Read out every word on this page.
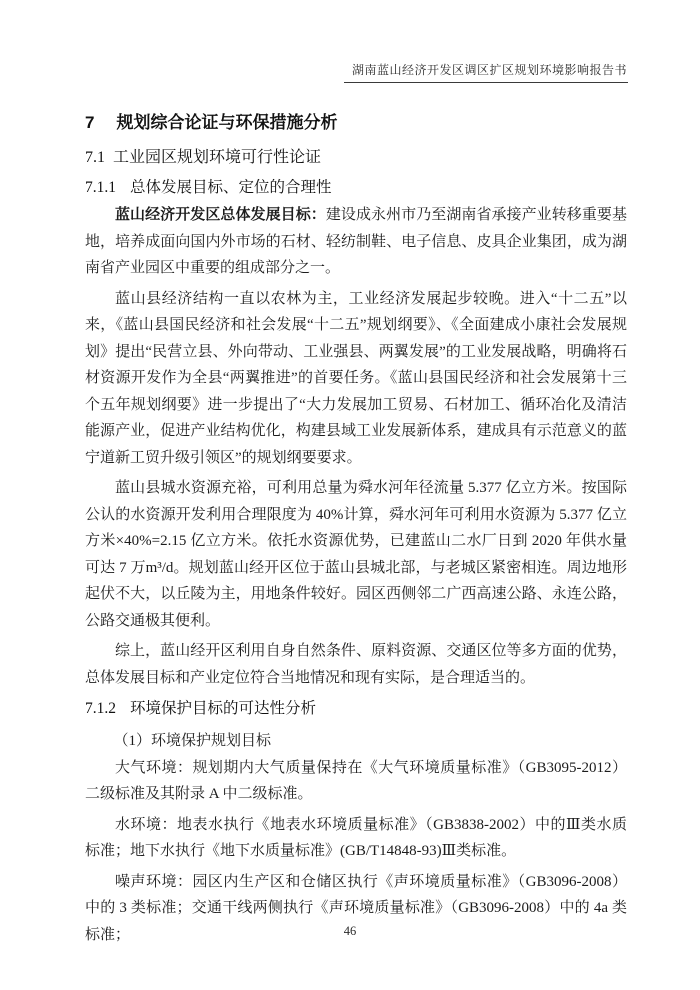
湖南蓝山经济开发区调区扩区规划环境影响报告书
7 规划综合论证与环保措施分析
7.1 工业园区规划环境可行性论证
7.1.1 总体发展目标、定位的合理性

蓝山经济开发区总体发展目标：建设成永州市乃至湖南省承接产业转移重要基地，培养成面向国内外市场的石材、轻纺制鞋、电子信息、皮具企业集团，成为湖南省产业园区中重要的组成部分之一。

蓝山县经济结构一直以农林为主，工业经济发展起步较晚。进入“十二五”以来，《蓝山县国民经济和社会发展“十二五”规划纲要》、《全面建成小康社会发展规划》提出“民营立县、外向带动、工业强县、两翼发展”的工业发展战略，明确将石材资源开发作为全县“两翼推进”的首要任务。《蓝山县国民经济和社会发展第十三个五年规划纲要》进一步提出了“大力发展加工贸易、石材加工、循环冶化及清洁能源产业，促进产业结构优化，构建县域工业发展新体系，建成具有示范意义的蓝宁道新工贸升级引领区”的规划纲要要求。

蓝山县城水资源充裕，可利用总量为舜水河年径流量 5.377 亿立方米。按国际公认的水资源开发利用合理限度为 40%计算，舜水河年可利用水资源为 5.377 亿立方米×40%=2.15 亿立方米。依托水资源优势，已建蓝山二水厂日到 2020 年供水量可达 7 万m³/d。规划蓝山经开区位于蓝山县城北部，与老城区紧密相连。周边地形起伏不大，以丘陵为主，用地条件较好。园区西侧邻二广西高速公路、永连公路，公路交通极其便利。

综上，蓝山经开区利用自身自然条件、原料资源、交通区位等多方面的优势，总体发展目标和产业定位符合当地情况和现有实际，是合理适当的。

7.1.2 环境保护目标的可达性分析

（1）环境保护规划目标

大气环境：规划期内大气质量保持在《大气环境质量标准》（GB3095-2012）二级标准及其附录 A 中二级标准。

水环境：地表水执行《地表水环境质量标准》（GB3838-2002）中的Ⅲ类水质标准；地下水执行《地下水质量标准》(GB/T14848-93)Ⅲ类标准。

噪声环境：园区内生产区和仓储区执行《声环境质量标准》（GB3096-2008）中的 3 类标准；交通干线两侧执行《声环境质量标准》（GB3096-2008）中的 4a 类标准；	46
